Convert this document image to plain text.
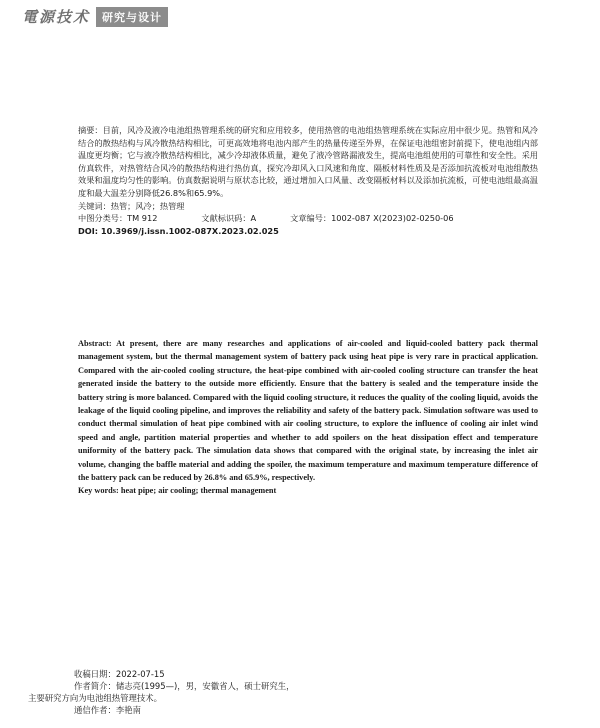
電源技术	研究与设计

摘要：目前，风冷及液冷电池组热管理系统的研究和应用较多，使用热管的电池组热管理系统在实际应用中很少见。热管和风冷结合的散热结构与风冷散热结构相比，可更高效地将电池内部产生的热量传递至外界，在保证电池组密封前提下，使电池组内部温度更均衡；它与液冷散热结构相比，减少冷却液体质量，避免了液冷管路漏液发生，提高电池组使用的可靠性和安全性。采用仿真软件，对热管结合风冷的散热结构进行热仿真，探究冷却风入口风速和角度、隔板材料性质及是否添加抗流板对电池组散热效果和温度均匀性的影响。仿真数据说明与原状态比较，通过增加入口风量、改变隔板材料以及添加抗流板，可使电池组最高温度和最大温差分别降低26.8%和65.9%。

关键词：热管；风冷；热管理

中图分类号：TM 912	文献标识码：A	文章编号：1002-087 X(2023)02-0250-06

DOI: 10.3969/j.issn.1002-087X.2023.02.025

Abstract: At present, there are many researches and applications of air-cooled and liquid-cooled battery pack thermal management system, but the thermal management system of battery pack using heat pipe is very rare in practical application. Compared with the air-cooled cooling structure, the heat-pipe combined with air-cooled cooling structure can transfer the heat generated inside the battery to the outside more efficiently. Ensure that the battery is sealed and the temperature inside the battery string is more balanced. Compared with the liquid cooling structure, it reduces the quality of the cooling liquid, avoids the leakage of the liquid cooling pipeline, and improves the reliability and safety of the battery pack. Simulation software was used to conduct thermal simulation of heat pipe combined with air cooling structure, to explore the influence of cooling air inlet wind speed and angle, partition material properties and whether to add spoilers on the heat dissipation effect and temperature uniformity of the battery pack. The simulation data shows that compared with the original state, by increasing the inlet air volume, changing the baffle material and adding the spoiler, the maximum temperature and maximum temperature difference of the battery pack can be reduced by 26.8% and 65.9%, respectively.

Key words: heat pipe; air cooling; thermal management

收稿日期：2022-07-15

作者简介：储志亮(1995—)，男，安徽省人，硕士研究生，

主要研究方向为电池组热管理技术。

通信作者：李艳南
